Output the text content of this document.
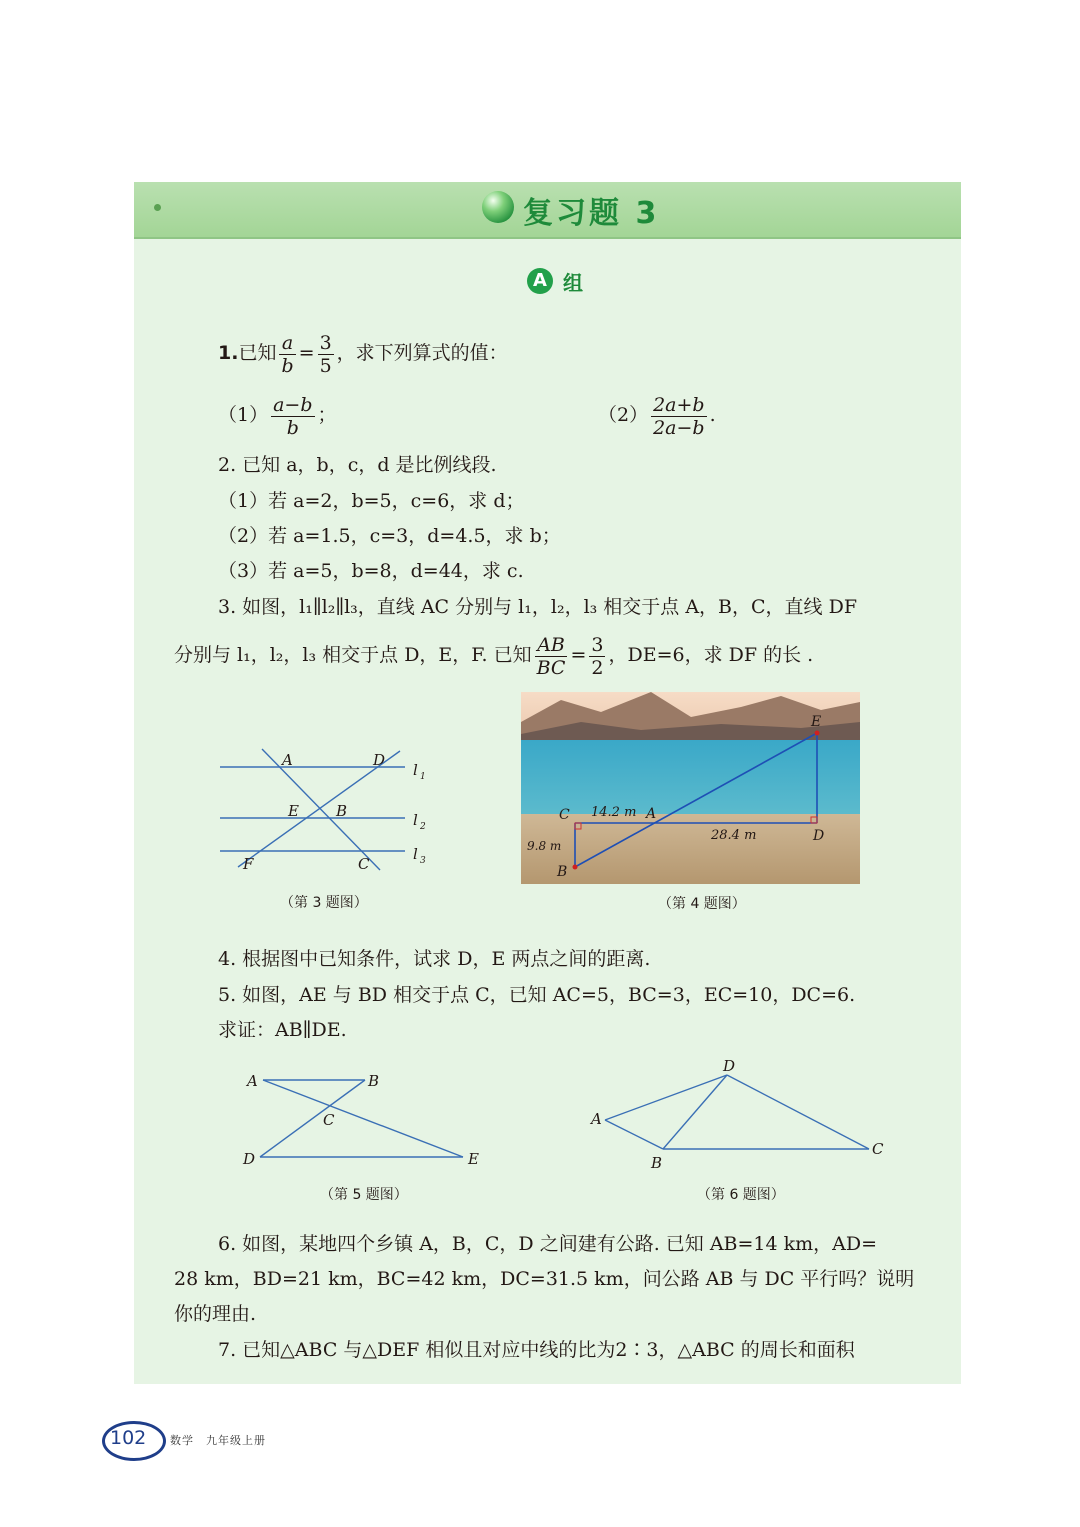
复习题 3
A 组
1.已知 $\frac{a}{b} = \frac{3}{5}$ ，求下列算式的值：
$(1) \frac{a-b}{b}$ ；	$(2) \frac{2a+b}{2a-b}$ .
2. 已知 a，b，c，d 是比例线段.
（1）若 a=2，b=5，c=6，求 d；
（2）若 a=1.5，c=3，d=4.5，求 b；
（3）若 a=5，b=8，d=44，求 c.
3. 如图，l₁∥l₂∥l₃，直线 AC 分别与 l₁，l₂，l₃ 相交于点 A，B，C，直线 DF
分别与 l₁，l₂，l₃ 相交于点 D，E，F. 已知 $\frac{AB}{BC} = \frac{3}{2}$ ，DE=6，求 DF 的长 .
A	D
E B
F	C
l 1
l 2
l 3
（第 3 题图）
E
C	A
D
B
14.2 m
28.4 m
9.8 m
（第 4 题图）
4. 根据图中已知条件，试求 D，E 两点之间的距离.
5. 如图，AE 与 BD 相交于点 C，已知 AC=5，BC=3，EC=10，DC=6.
求证：AB∥DE.
A	B
C
D	E
（第 5 题图）
A
B
C
D
（第 6 题图）
6. 如图，某地四个乡镇 A，B，C，D 之间建有公路. 已知 AB=14 km，AD=
28 km，BD=21 km，BC=42 km，DC=31.5 km，问公路 AB 与 DC 平行吗？说明
你的理由.
7. 已知△ABC 与△DEF 相似且对应中线的比为2∶3，△ABC 的周长和面积
102 数学　九年级上册
